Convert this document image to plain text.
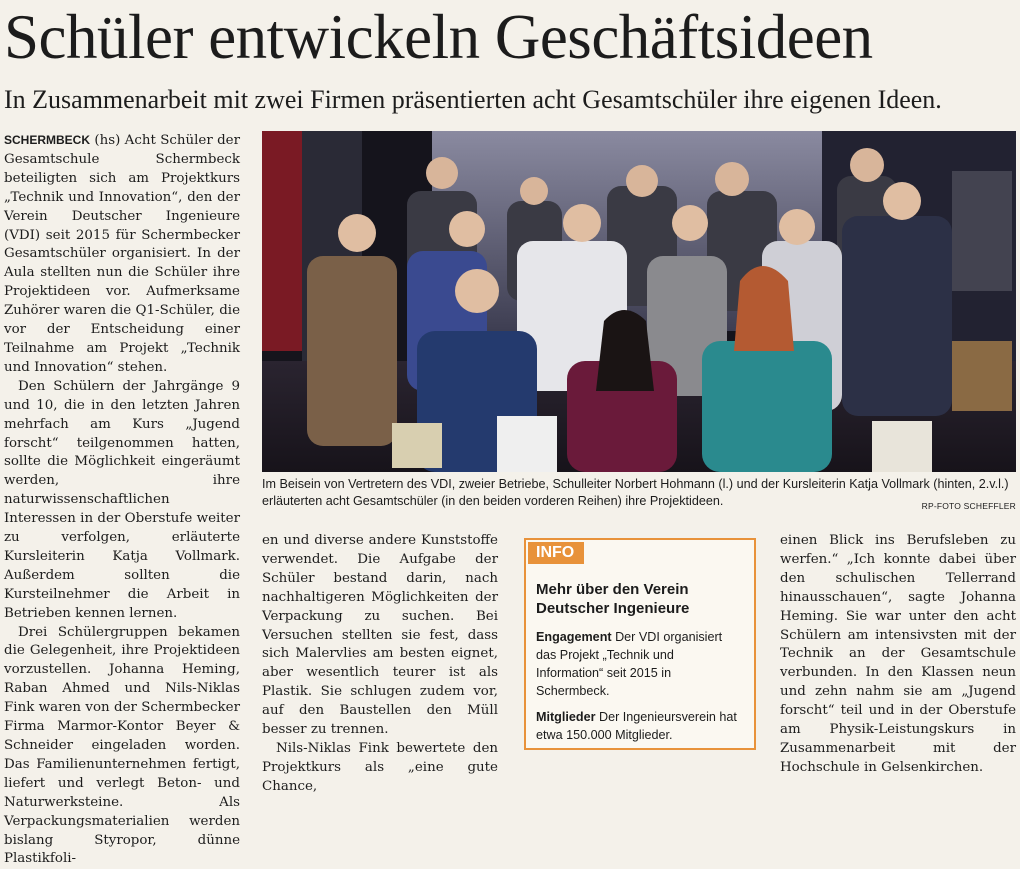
Schüler entwickeln Geschäftsideen
In Zusammenarbeit mit zwei Firmen präsentierten acht Gesamtschüler ihre eigenen Ideen.

SCHERMBECK (hs) Acht Schüler der Gesamtschule Schermbeck beteiligten sich am Projektkurs „Technik und Innovation“, den der Verein Deutscher Ingenieure (VDI) seit 2015 für Schermbecker Gesamtschüler organisiert. In der Aula stellten nun die Schüler ihre Projektideen vor. Aufmerksame Zuhörer waren die Q1-Schüler, die vor der Entscheidung einer Teilnahme am Projekt „Technik und Innovation“ stehen.

Den Schülern der Jahrgänge 9 und 10, die in den letzten Jahren mehrfach am Kurs „Jugend forscht“ teilgenommen hatten, sollte die Möglichkeit eingeräumt werden, ihre naturwissenschaftlichen Interessen in der Oberstufe weiter zu verfolgen, erläuterte Kursleiterin Katja Vollmark. Außerdem sollten die Kursteilnehmer die Arbeit in Betrieben kennen lernen.

Drei Schülergruppen bekamen die Gelegenheit, ihre Projektideen vorzustellen. Johanna Heming, Raban Ahmed und Nils-Niklas Fink waren von der Schermbecker Firma Marmor-Kontor Beyer & Schneider eingeladen worden. Das Familienunternehmen fertigt, liefert und verlegt Beton- und Naturwerksteine. Als Verpackungsmaterialien werden bislang Styropor, dünne Plastikfoli-

Im Beisein von Vertretern des VDI, zweier Betriebe, Schulleiter Norbert Hohmann (l.) und der Kursleiterin Katja Vollmark (hinten, 2.v.l.) erläuterten acht Gesamtschüler (in den beiden vorderen Reihen) ihre Projektideen.	RP-FOTO SCHEFFLER

en und diverse andere Kunststoffe verwendet. Die Aufgabe der Schüler bestand darin, nach nachhaltigeren Möglichkeiten der Verpackung zu suchen. Bei Versuchen stellten sie fest, dass sich Malervlies am besten eignet, aber wesentlich teurer ist als Plastik. Sie schlugen zudem vor, auf den Baustellen den Müll besser zu trennen.

Nils-Niklas Fink bewertete den Projektkurs als „eine gute Chance,

INFO
Mehr über den Verein Deutscher Ingenieure

Engagement Der VDI organisiert das Projekt „Technik und Information“ seit 2015 in Schermbeck.

Mitglieder Der Ingenieursverein hat etwa 150.000 Mitglieder.

einen Blick ins Berufsleben zu werfen.“ „Ich konnte dabei über den schulischen Tellerrand hinausschauen“, sagte Johanna Heming. Sie war unter den acht Schülern am intensivsten mit der Technik an der Gesamtschule verbunden. In den Klassen neun und zehn nahm sie am „Jugend forscht“ teil und in der Oberstufe am Physik-Leistungskurs in Zusammenarbeit mit der Hochschule in Gelsenkirchen.
